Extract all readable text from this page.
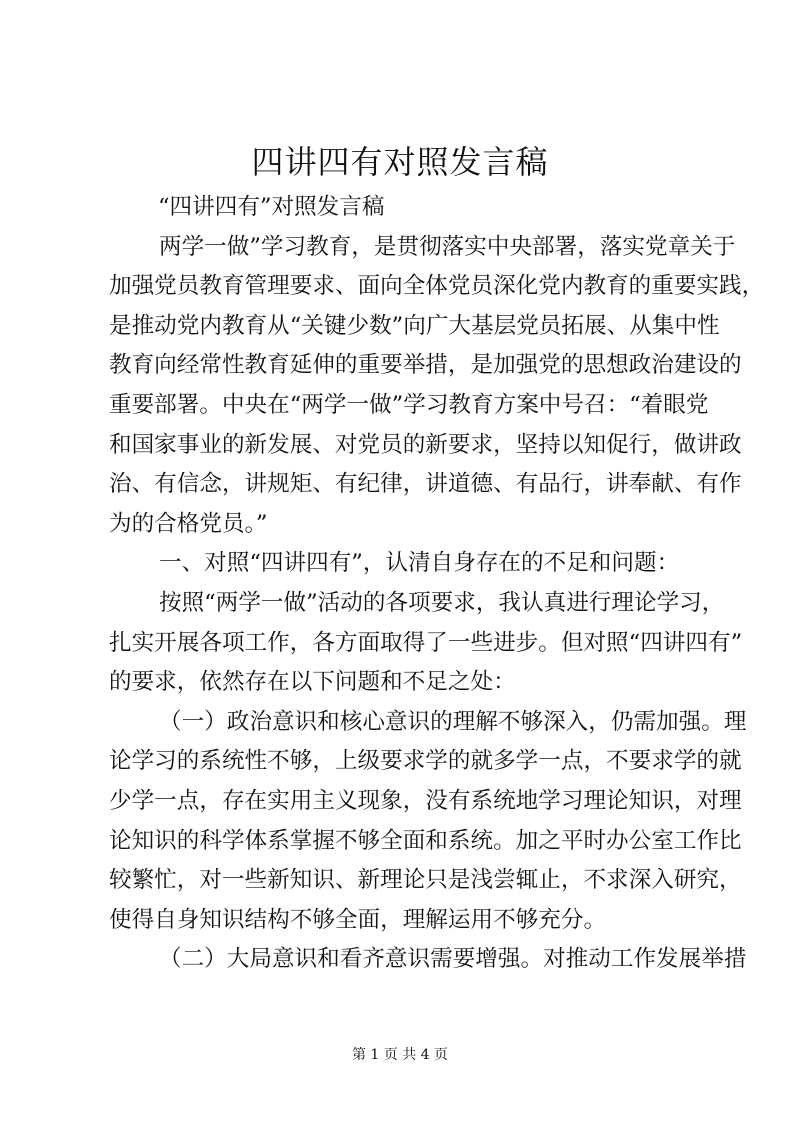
四讲四有对照发言稿
“四讲四有”对照发言稿
两学一做”学习教育，是贯彻落实中央部署，落实党章关于
加强党员教育管理要求、面向全体党员深化党内教育的重要实践，
是推动党内教育从“关键少数”向广大基层党员拓展、从集中性
教育向经常性教育延伸的重要举措，是加强党的思想政治建设的
重要部署。中央在“两学一做”学习教育方案中号召：“着眼党
和国家事业的新发展、对党员的新要求，坚持以知促行，做讲政
治、有信念，讲规矩、有纪律，讲道德、有品行，讲奉献、有作
为的合格党员。”
一、对照“四讲四有”，认清自身存在的不足和问题：
按照“两学一做”活动的各项要求，我认真进行理论学习，
扎实开展各项工作，各方面取得了一些进步。但对照“四讲四有”
的要求，依然存在以下问题和不足之处：
（一）政治意识和核心意识的理解不够深入，仍需加强。理
论学习的系统性不够，上级要求学的就多学一点，不要求学的就
少学一点，存在实用主义现象，没有系统地学习理论知识，对理
论知识的科学体系掌握不够全面和系统。加之平时办公室工作比
较繁忙，对一些新知识、新理论只是浅尝辄止，不求深入研究，
使得自身知识结构不够全面，理解运用不够充分。
（二）大局意识和看齐意识需要增强。对推动工作发展举措
第 1 页 共 4 页
